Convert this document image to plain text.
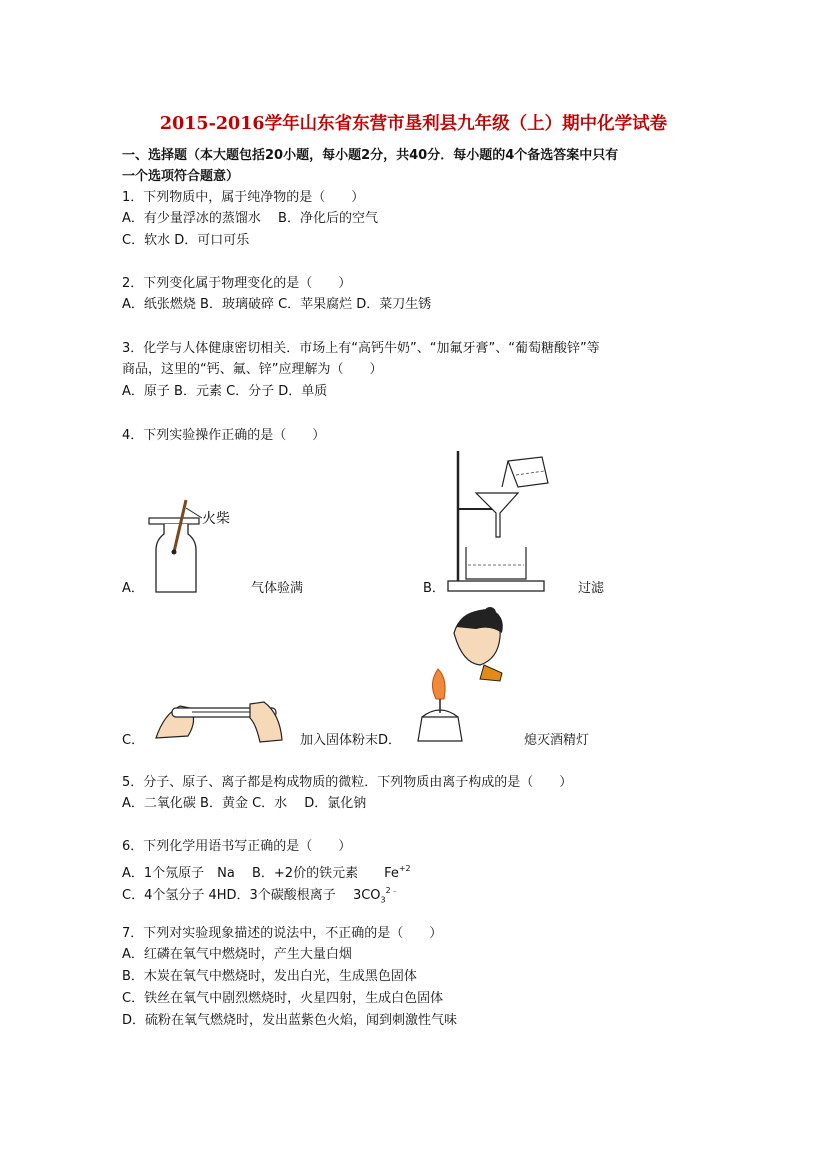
2015-2016学年山东省东营市垦利县九年级（上）期中化学试卷
一、选择题（本大题包括20小题，每小题2分，共40分．每小题的4个备选答案中只有
一个选项符合题意）
1．下列物质中，属于纯净物的是（　　）
A．有少量浮冰的蒸馏水　 B．净化后的空气
C．软水 D．可口可乐
2．下列变化属于物理变化的是（　　）
A．纸张燃烧 B．玻璃破碎 C．苹果腐烂 D．菜刀生锈
3．化学与人体健康密切相关．市场上有“高钙牛奶”、“加氟牙膏”、“葡萄糖酸锌”等
商品，这里的“钙、氟、锌”应理解为（　　）
A．原子 B．元素 C．分子 D．单质
4．下列实验操作正确的是（　　）
火柴
A．	气体验满	B．	过滤
C．	加入固体粉末D．	熄灭酒精灯
5．分子、原子、离子都是构成物质的微粒．下列物质由离子构成的是（　　）
A．二氧化碳 B．黄金 C．水　 D．氯化钠
6．下列化学用语书写正确的是（　　）
A．1个氖原子　Na　 B．+2价的铁元素　　$Fe^{+2}$
C．4个氢分子 4HD．3个碳酸根离子　 $3CO_3^{2﹣}$
7．下列对实验现象描述的说法中，不正确的是（　　）
A．红磷在氧气中燃烧时，产生大量白烟
B．木炭在氧气中燃烧时，发出白光，生成黑色固体
C．铁丝在氧气中剧烈燃烧时，火星四射，生成白色固体
D．硫粉在氧气燃烧时，发出蓝紫色火焰，闻到刺激性气味
